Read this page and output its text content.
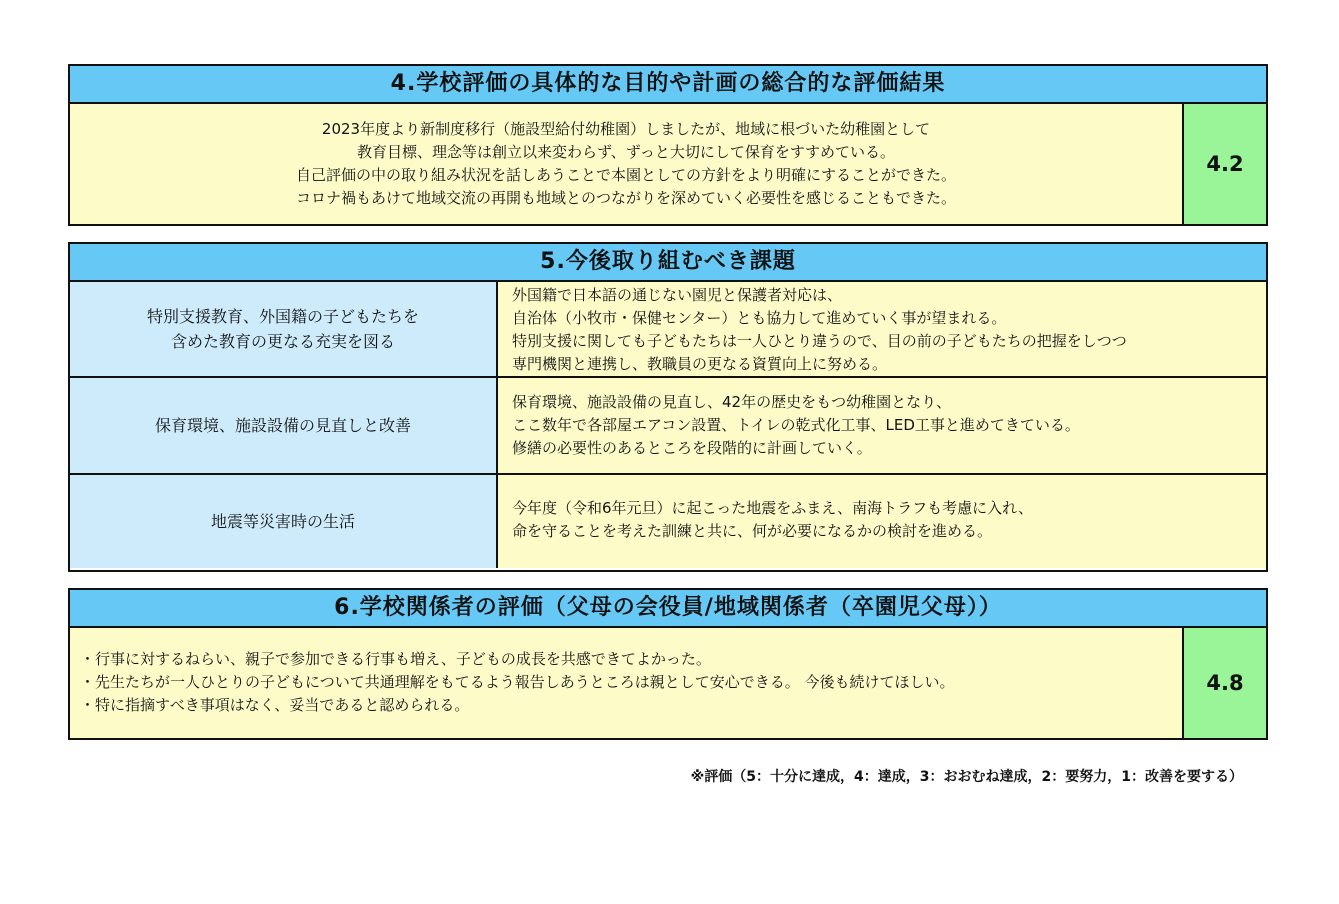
4.学校評価の具体的な目的や計画の総合的な評価結果
2023年度より新制度移行（施設型給付幼稚園）しましたが、地域に根づいた幼稚園として
教育目標、理念等は創立以来変わらず、ずっと大切にして保育をすすめている。
自己評価の中の取り組み状況を話しあうことで本園としての方針をより明確にすることができた。
コロナ禍もあけて地域交流の再開も地域とのつながりを深めていく必要性を感じることもできた。
4.2
5.今後取り組むべき課題
特別支援教育、外国籍の子どもたちを
含めた教育の更なる充実を図る
外国籍で日本語の通じない園児と保護者対応は、
自治体（小牧市・保健センター）とも協力して進めていく事が望まれる。
特別支援に関しても子どもたちは一人ひとり違うので、目の前の子どもたちの把握をしつつ
専門機関と連携し、教職員の更なる資質向上に努める。
保育環境、施設設備の見直しと改善
保育環境、施設設備の見直し、42年の歴史をもつ幼稚園となり、
ここ数年で各部屋エアコン設置、トイレの乾式化工事、LED工事と進めてきている。
修繕の必要性のあるところを段階的に計画していく。
地震等災害時の生活
今年度（令和6年元旦）に起こった地震をふまえ、南海トラフも考慮に入れ、
命を守ることを考えた訓練と共に、何が必要になるかの検討を進める。
6.学校関係者の評価（父母の会役員/地域関係者（卒園児父母））
・行事に対するねらい、親子で参加できる行事も増え、子どもの成長を共感できてよかった。
・先生たちが一人ひとりの子どもについて共通理解をもてるよう報告しあうところは親として安心できる。 今後も続けてほしい。
・特に指摘すべき事項はなく、妥当であると認められる。
4.8
※評価（5：十分に達成，4：達成，3：おおむね達成，2：要努力，1：改善を要する）
